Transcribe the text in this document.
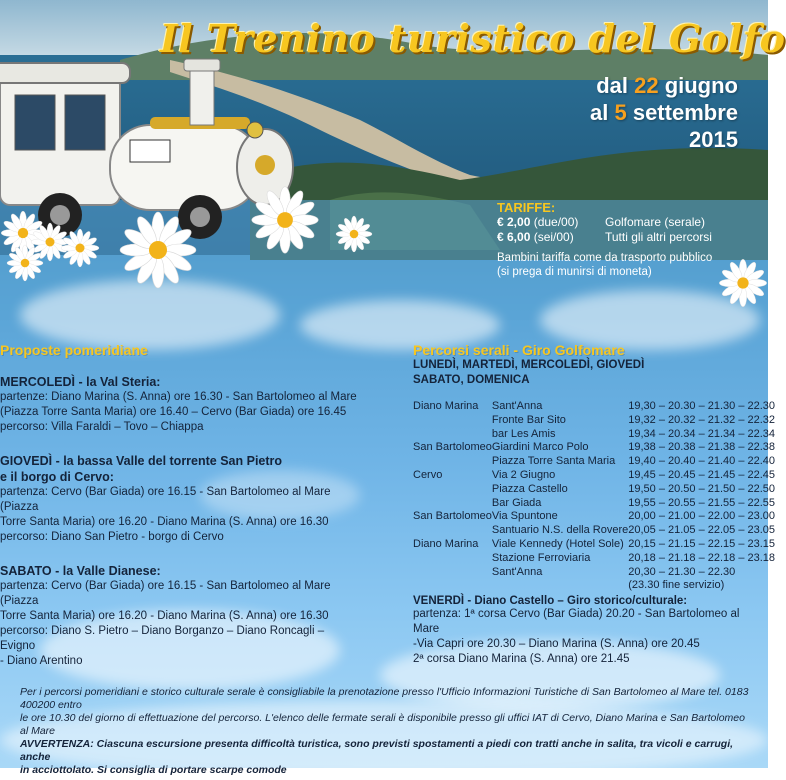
Il Trenino turistico del Golfo
dal 22 giugno
al 5 settembre
2015
TARIFFE:
€ 2,00 (due/00)	Golfomare (serale)
€ 6,00 (sei/00)	Tutti gli altri percorsi
Bambini tariffa come da trasporto pubblico
(si prega di munirsi di moneta)
Proposte pomeridiane
MERCOLEDÌ - la Val Steria:
partenze: Diano Marina (S. Anna) ore 16.30 - San Bartolomeo al Mare
(Piazza Torre Santa Maria) ore 16.40 – Cervo (Bar Giada) ore 16.45
percorso: Villa Faraldi – Tovo – Chiappa
GIOVEDÌ - la bassa Valle del torrente San Pietro
e il borgo di Cervo:
partenza: Cervo (Bar Giada) ore 16.15 - San Bartolomeo al Mare (Piazza
Torre Santa Maria) ore 16.20 - Diano Marina (S. Anna) ore 16.30
percorso: Diano San Pietro - borgo di Cervo
SABATO - la Valle Dianese:
partenza: Cervo (Bar Giada) ore 16.15 - San Bartolomeo al Mare (Piazza
Torre Santa Maria) ore 16.20 - Diano Marina (S. Anna) ore 16.30
percorso: Diano S. Pietro – Diano Borganzo – Diano Roncagli – Evigno
- Diano Arentino
Percorsi serali - Giro Golfomare
LUNEDÌ, MARTEDÌ, MERCOLEDÌ, GIOVEDÌ
SABATO, DOMENICA
Diano Marina	Sant'Anna	19,30 – 20.30 – 21.30 – 22.30
	Fronte Bar Sito	19,32 – 20.32 – 21.32 – 22.32
	bar Les Amis	19,34 – 20.34 – 21.34 – 22.34
San Bartolomeo	Giardini Marco Polo	19,38 – 20.38 – 21.38 – 22.38
	Piazza Torre Santa Maria	19,40 – 20.40 – 21.40 – 22.40
Cervo	Via 2 Giugno	19,45 – 20.45 – 21.45 – 22.45
	Piazza Castello	19,50 – 20.50 – 21.50 – 22.50
	Bar Giada	19,55 – 20.55 – 21.55 – 22.55
San Bartolomeo	Via Spuntone	20,00 – 21.00 – 22.00 – 23.00
	Santuario N.S. della Rovere	20,05 – 21.05 – 22.05 – 23.05
Diano Marina	Viale Kennedy (Hotel Sole)	20,15 – 21.15 – 22.15 – 23.15
	Stazione Ferroviaria	20,18 – 21.18 – 22.18 – 23.18
	Sant'Anna	20,30 – 21.30 – 22.30
		(23.30 fine servizio)
VENERDÌ - Diano Castello – Giro storico/culturale:
partenza: 1ª corsa Cervo (Bar Giada) 20.20 - San Bartolomeo al Mare
-Via Capri ore 20.30 – Diano Marina (S. Anna) ore 20.45
2ª corsa Diano Marina (S. Anna) ore 21.45
Per i percorsi pomeridiani e storico culturale serale è consigliabile la prenotazione presso l'Ufficio Informazioni Turistiche di San Bartolomeo al Mare tel. 0183 400200 entro
le ore 10.30 del giorno di effettuazione del percorso. L'elenco delle fermate serali è disponibile presso gli uffici IAT di Cervo, Diano Marina e San Bartolomeo al Mare
AVVERTENZA: Ciascuna escursione presenta difficoltà turistica, sono previsti spostamenti a piedi con tratti anche in salita, tra vicoli e carrugi, anche
in acciottolato. Si consiglia di portare scarpe comode
